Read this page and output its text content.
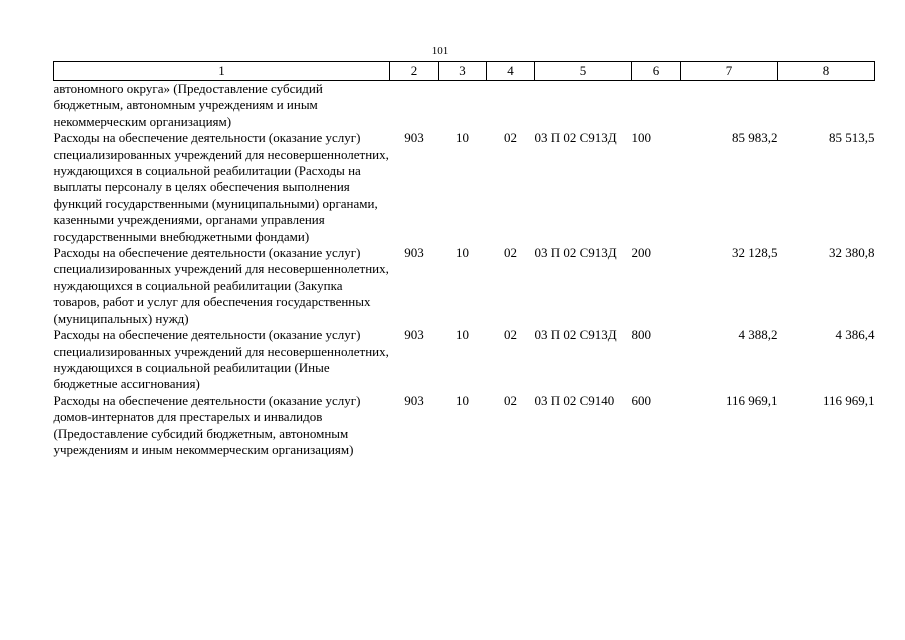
101
1	2	3	4	5	6	7	8
автономного округа» (Предоставление субсидий бюджетным, автономным учреждениям и иным некоммерческим организациям)							
Расходы на обеспечение деятельности (оказание услуг) специализированных учреждений для несовершеннолетних, нуждающихся в социальной реабилитации (Расходы на выплаты персоналу в целях обеспечения выполнения функций государственными (муниципальными) органами, казенными учреждениями, органами управления государственными внебюджетными фондами)	903	10	02	03 П 02 С913Д	100	85 983,2	85 513,5
Расходы на обеспечение деятельности (оказание услуг) специализированных учреждений для несовершеннолетних, нуждающихся в социальной реабилитации (Закупка товаров, работ и услуг для обеспечения государственных (муниципальных) нужд)	903	10	02	03 П 02 С913Д	200	32 128,5	32 380,8
Расходы на обеспечение деятельности (оказание услуг) специализированных учреждений для несовершеннолетних, нуждающихся в социальной реабилитации (Иные бюджетные ассигнования)	903	10	02	03 П 02 С913Д	800	4 388,2	4 386,4
Расходы на обеспечение деятельности (оказание услуг) домов-интернатов для престарелых и инвалидов (Предоставление субсидий бюджетным, автономным учреждениям и иным некоммерческим организациям)	903	10	02	03 П 02 С9140	600	116 969,1	116 969,1
